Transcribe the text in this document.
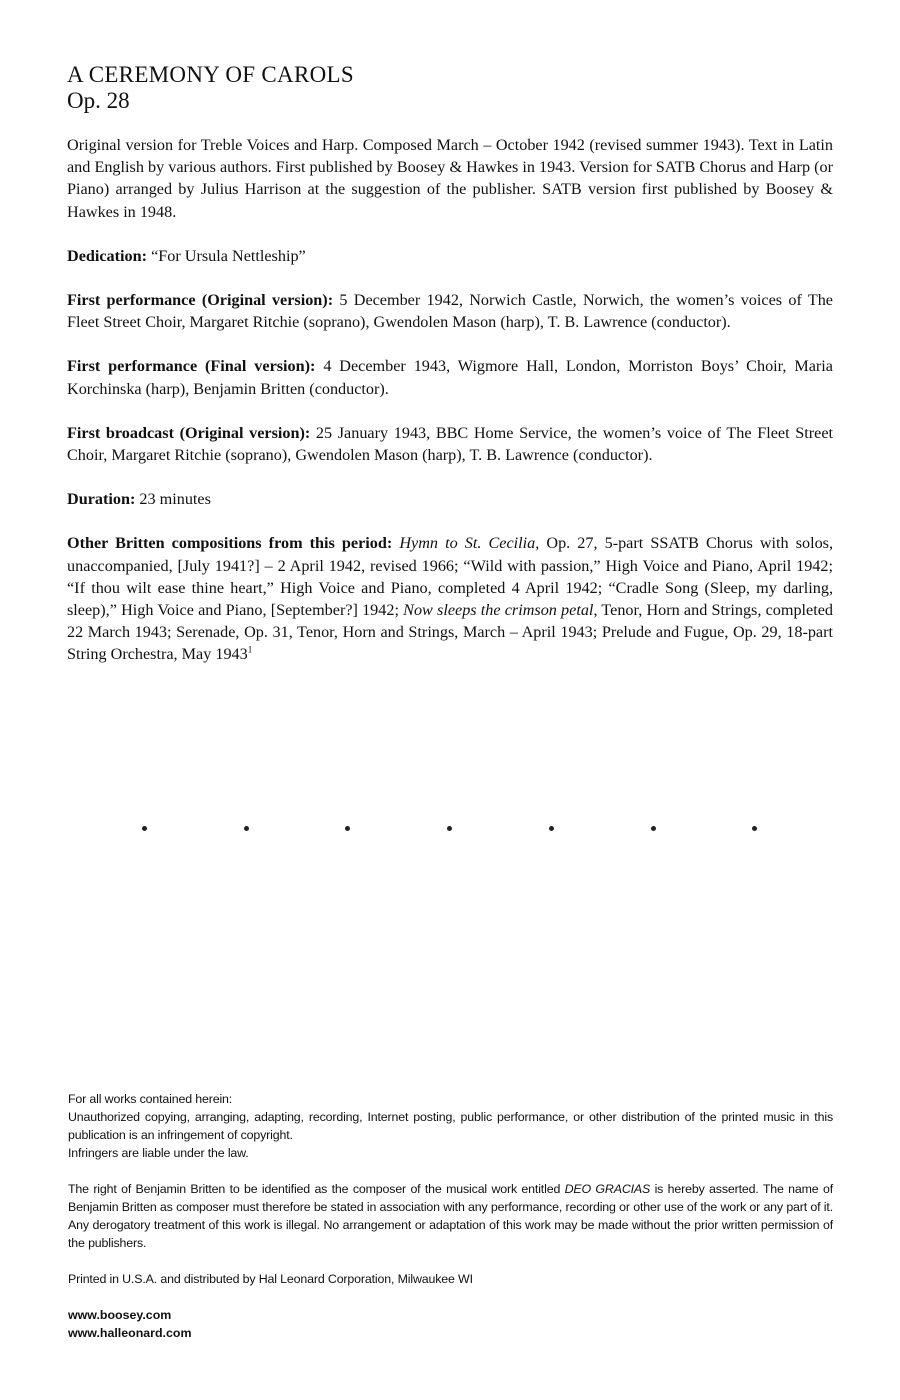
A CEREMONY OF CAROLS
Op. 28

Original version for Treble Voices and Harp. Composed March – October 1942 (revised summer 1943). Text in Latin and English by various authors. First published by Boosey & Hawkes in 1943. Version for SATB Chorus and Harp (or Piano) arranged by Julius Harrison at the suggestion of the publisher. SATB version first published by Boosey & Hawkes in 1948.

Dedication: “For Ursula Nettleship”

First performance (Original version): 5 December 1942, Norwich Castle, Norwich, the women’s voices of The Fleet Street Choir, Margaret Ritchie (soprano), Gwendolen Mason (harp), T. B. Lawrence (conductor).

First performance (Final version): 4 December 1943, Wigmore Hall, London, Morriston Boys’ Choir, Maria Korchinska (harp), Benjamin Britten (conductor).

First broadcast (Original version): 25 January 1943, BBC Home Service, the women’s voice of The Fleet Street Choir, Margaret Ritchie (soprano), Gwendolen Mason (harp), T. B. Lawrence (conductor).

Duration: 23 minutes

Other Britten compositions from this period: Hymn to St. Cecilia, Op. 27, 5-part SSATB Chorus with solos, unaccompanied, [July 1941?] – 2 April 1942, revised 1966; “Wild with passion,” High Voice and Piano, April 1942; “If thou wilt ease thine heart,” High Voice and Piano, completed 4 April 1942; “Cradle Song (Sleep, my darling, sleep),” High Voice and Piano, [September?] 1942; Now sleeps the crimson petal, Tenor, Horn and Strings, completed 22 March 1943; Serenade, Op. 31, Tenor, Horn and Strings, March – April 1943; Prelude and Fugue, Op. 29, 18-part String Orchestra, May 1943$^1$

For all works contained herein:
Unauthorized copying, arranging, adapting, recording, Internet posting, public performance, or other distribution of the printed music in this publication is an infringement of copyright.
Infringers are liable under the law.

The right of Benjamin Britten to be identified as the composer of the musical work entitled DEO GRACIAS is hereby asserted. The name of Benjamin Britten as composer must therefore be stated in association with any performance, recording or other use of the work or any part of it. Any derogatory treatment of this work is illegal. No arrangement or adaptation of this work may be made without the prior written permission of the publishers.

Printed in U.S.A. and distributed by Hal Leonard Corporation, Milwaukee WI

www.boosey.com

www.halleonard.com
